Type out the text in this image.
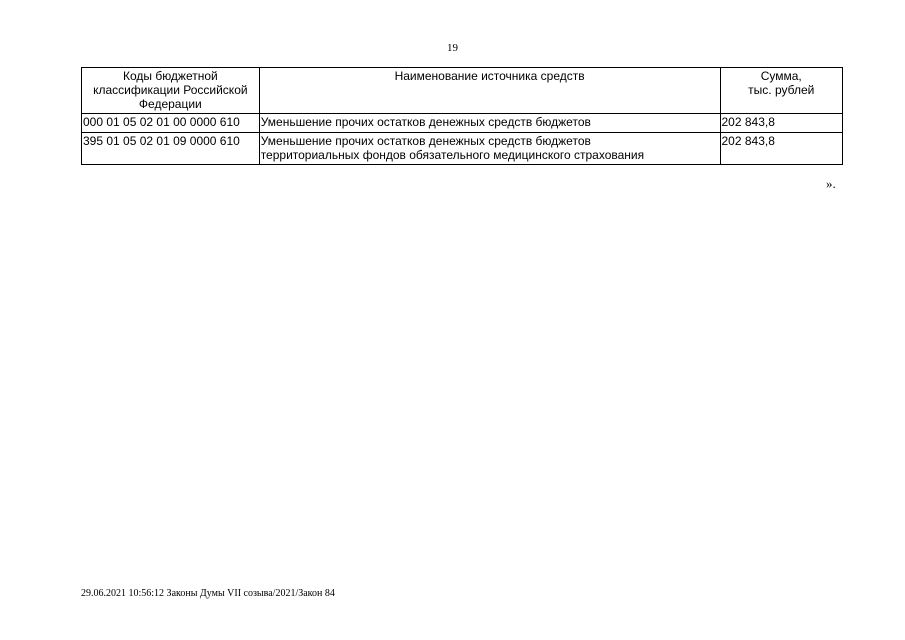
19
Коды бюджетной классификации Российской Федерации	Наименование источника средств	Сумма,
тыс. рублей

000 01 05 02 01 00 0000 610	Уменьшение прочих остатков денежных средств бюджетов	202 843,8
395 01 05 02 01 09 0000 610	Уменьшение прочих остатков денежных средств бюджетов
территориальных фондов обязательного медицинского страхования	202 843,8
».
29.06.2021 10:56:12 Законы Думы VII созыва/2021/Закон 84
